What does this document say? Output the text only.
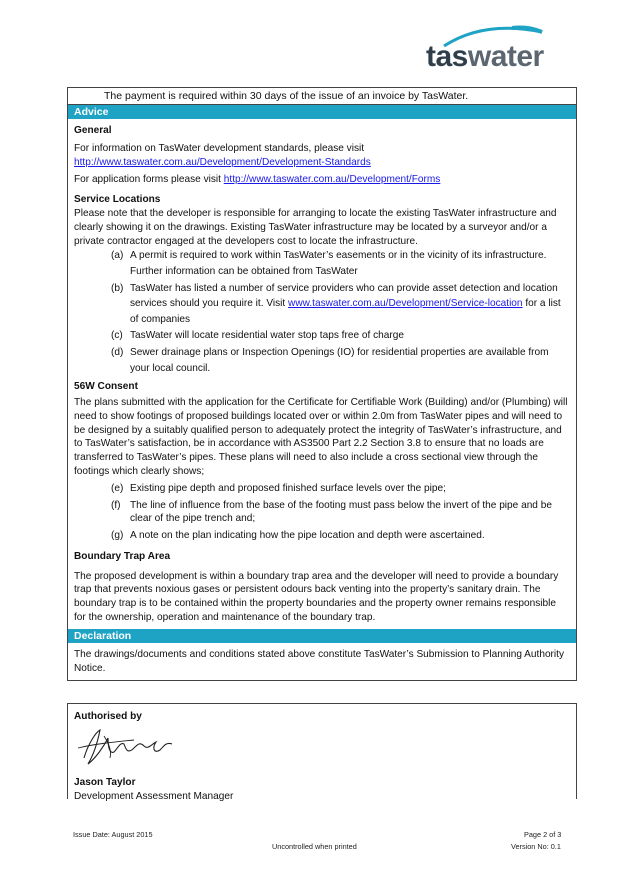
taswater
The payment is required within 30 days of the issue of an invoice by TasWater.
Advice
General
For information on TasWater development standards, please visit
http://www.taswater.com.au/Development/Development-Standards
For application forms please visit http://www.taswater.com.au/Development/Forms
Service Locations
Please note that the developer is responsible for arranging to locate the existing TasWater infrastructure and clearly showing it on the drawings. Existing TasWater infrastructure may be located by a surveyor and/or a private contractor engaged at the developers cost to locate the infrastructure.
(a) A permit is required to work within TasWater’s easements or in the vicinity of its infrastructure. Further information can be obtained from TasWater
(b) TasWater has listed a number of service providers who can provide asset detection and location services should you require it. Visit www.taswater.com.au/Development/Service-location for a list of companies
(c) TasWater will locate residential water stop taps free of charge
(d) Sewer drainage plans or Inspection Openings (IO) for residential properties are available from your local council.
56W Consent
The plans submitted with the application for the Certificate for Certifiable Work (Building) and/or (Plumbing) will need to show footings of proposed buildings located over or within 2.0m from TasWater pipes and will need to be designed by a suitably qualified person to adequately protect the integrity of TasWater’s infrastructure, and to TasWater’s satisfaction, be in accordance with AS3500 Part 2.2 Section 3.8 to ensure that no loads are transferred to TasWater’s pipes. These plans will need to also include a cross sectional view through the footings which clearly shows;
(e) Existing pipe depth and proposed finished surface levels over the pipe;
(f) The line of influence from the base of the footing must pass below the invert of the pipe and be clear of the pipe trench and;
(g) A note on the plan indicating how the pipe location and depth were ascertained.
Boundary Trap Area
The proposed development is within a boundary trap area and the developer will need to provide a boundary trap that prevents noxious gases or persistent odours back venting into the property’s sanitary drain. The boundary trap is to be contained within the property boundaries and the property owner remains responsible for the ownership, operation and maintenance of the boundary trap.
Declaration
The drawings/documents and conditions stated above constitute TasWater’s Submission to Planning Authority Notice.
Authorised by
Jason Taylor
Development Assessment Manager
Issue Date: August 2015
Uncontrolled when printed
Page 2 of 3
Version No: 0.1
